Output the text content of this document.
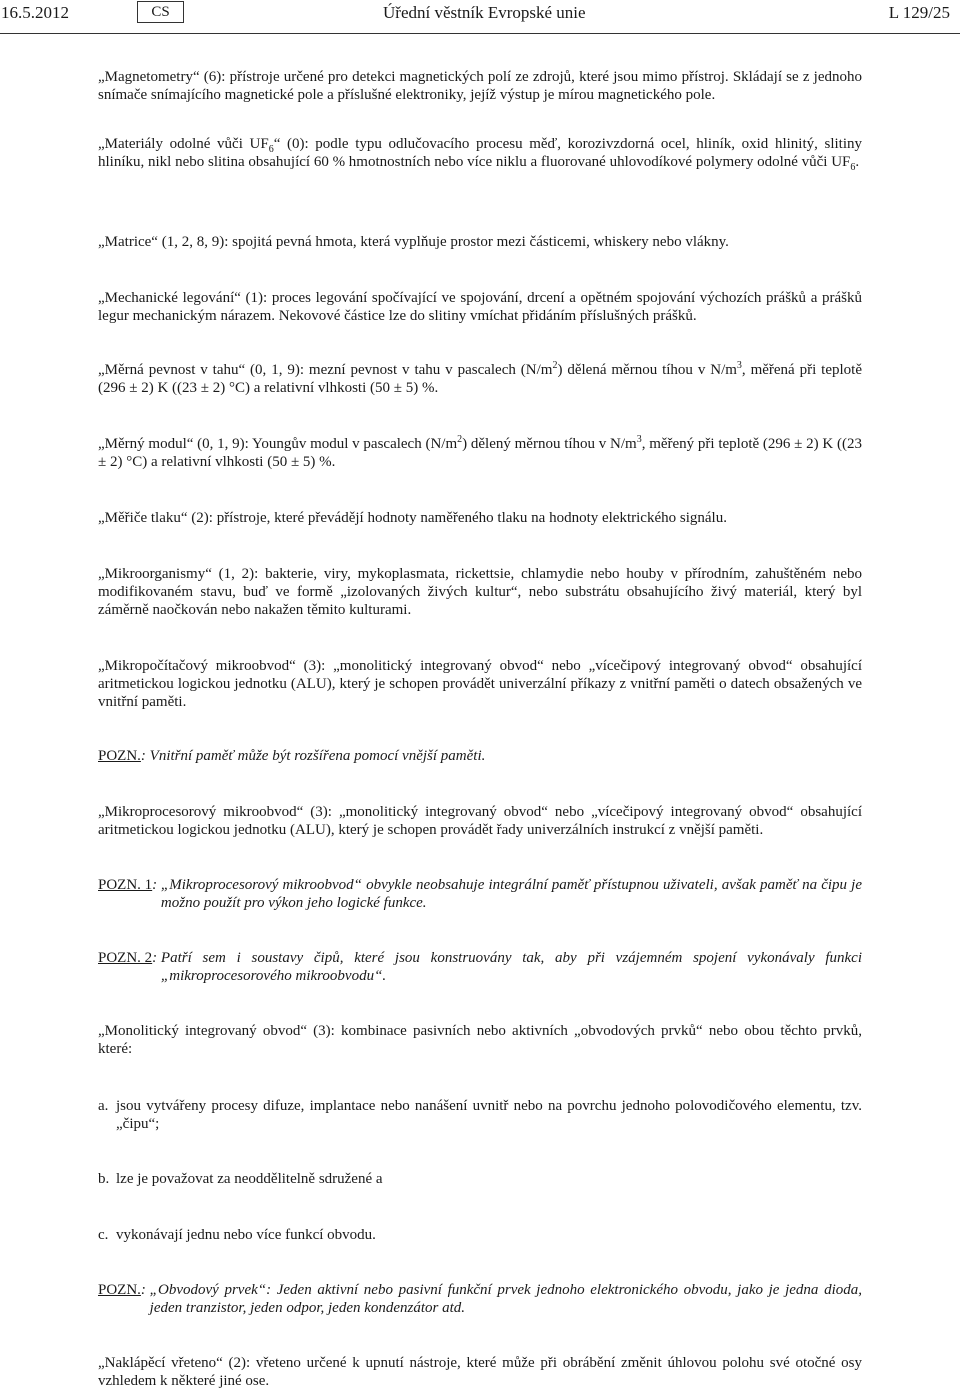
16.5.2012	CS	Úřední věstník Evropské unie	L 129/25
„Magnetometry“ (6): přístroje určené pro detekci magnetických polí ze zdrojů, které jsou mimo přístroj. Skládají se z jednoho snímače snímajícího magnetické pole a příslušné elektroniky, jejíž výstup je mírou magnetického pole.
„Materiály odolné vůči $UF_6“$ (0): podle typu odlučovacího procesu měď, korozivzdorná ocel, hliník, oxid hlinitý, slitiny hliníku, nikl nebo slitina obsahující 60 % hmotnostních nebo více niklu a fluorované uhlovodíkové polymery odolné vůči $UF_6$.
„Matrice“ (1, 2, 8, 9): spojitá pevná hmota, která vyplňuje prostor mezi částicemi, whiskery nebo vlákny.
„Mechanické legování“ (1): proces legování spočívající ve spojování, drcení a opětném spojování výchozích prášků a prášků legur mechanickým nárazem. Nekovové částice lze do slitiny vmíchat přidáním příslušných prášků.
„Měrná pevnost v tahu“ (0, 1, 9): mezní pevnost v tahu v pascalech $(N/m^2)$ dělená měrnou tíhou v $N/m^3$, měřená při teplotě (296 ± 2) K ((23 ± 2) °C) a relativní vlhkosti (50 ± 5) %.
„Měrný modul“ (0, 1, 9): Youngův modul v pascalech $(N/m^2)$ dělený měrnou tíhou v $N/m^3$, měřený při teplotě (296 ± 2) K ((23 ± 2) °C) a relativní vlhkosti (50 ± 5) %.
„Měřiče tlaku“ (2): přístroje, které převádějí hodnoty naměřeného tlaku na hodnoty elektrického signálu.
„Mikroorganismy“ (1, 2): bakterie, viry, mykoplasmata, rickettsie, chlamydie nebo houby v přírodním, zahuštěném nebo modifikovaném stavu, buď ve formě „izolovaných živých kultur“, nebo substrátu obsahujícího živý materiál, který byl záměrně naočkován nebo nakažen těmito kulturami.
„Mikropočítačový mikroobvod“ (3): „monolitický integrovaný obvod“ nebo „vícečipový integrovaný obvod“ obsahující aritmetickou logickou jednotku (ALU), který je schopen provádět univerzální příkazy z vnitřní paměti o datech obsažených ve vnitřní paměti.
POZN.: Vnitřní paměť může být rozšířena pomocí vnější paměti.
„Mikroprocesorový mikroobvod“ (3): „monolitický integrovaný obvod“ nebo „vícečipový integrovaný obvod“ obsahující aritmetickou logickou jednotku (ALU), který je schopen provádět řady univerzálních instrukcí z vnější paměti.
POZN. 1: „Mikroprocesorový mikroobvod“ obvykle neobsahuje integrální paměť přístupnou uživateli, avšak paměť na čipu je možno použít pro výkon jeho logické funkce.
POZN. 2: Patří sem i soustavy čipů, které jsou konstruovány tak, aby při vzájemném spojení vykonávaly funkci „mikroprocesorového mikroobvodu“.
„Monolitický integrovaný obvod“ (3): kombinace pasivních nebo aktivních „obvodových prvků“ nebo obou těchto prvků, které:
a. jsou vytvářeny procesy difuze, implantace nebo nanášení uvnitř nebo na povrchu jednoho polovodičového elementu, tzv. „čipu“;
b. lze je považovat za neoddělitelně sdružené a
c. vykonávají jednu nebo více funkcí obvodu.
POZN.: „Obvodový prvek“: Jeden aktivní nebo pasivní funkční prvek jednoho elektronického obvodu, jako je jedna dioda, jeden tranzistor, jeden odpor, jeden kondenzátor atd.
„Naklápěcí vřeteno“ (2): vřeteno určené k upnutí nástroje, které může při obrábění změnit úhlovou polohu své otočné osy vzhledem k některé jiné ose.
